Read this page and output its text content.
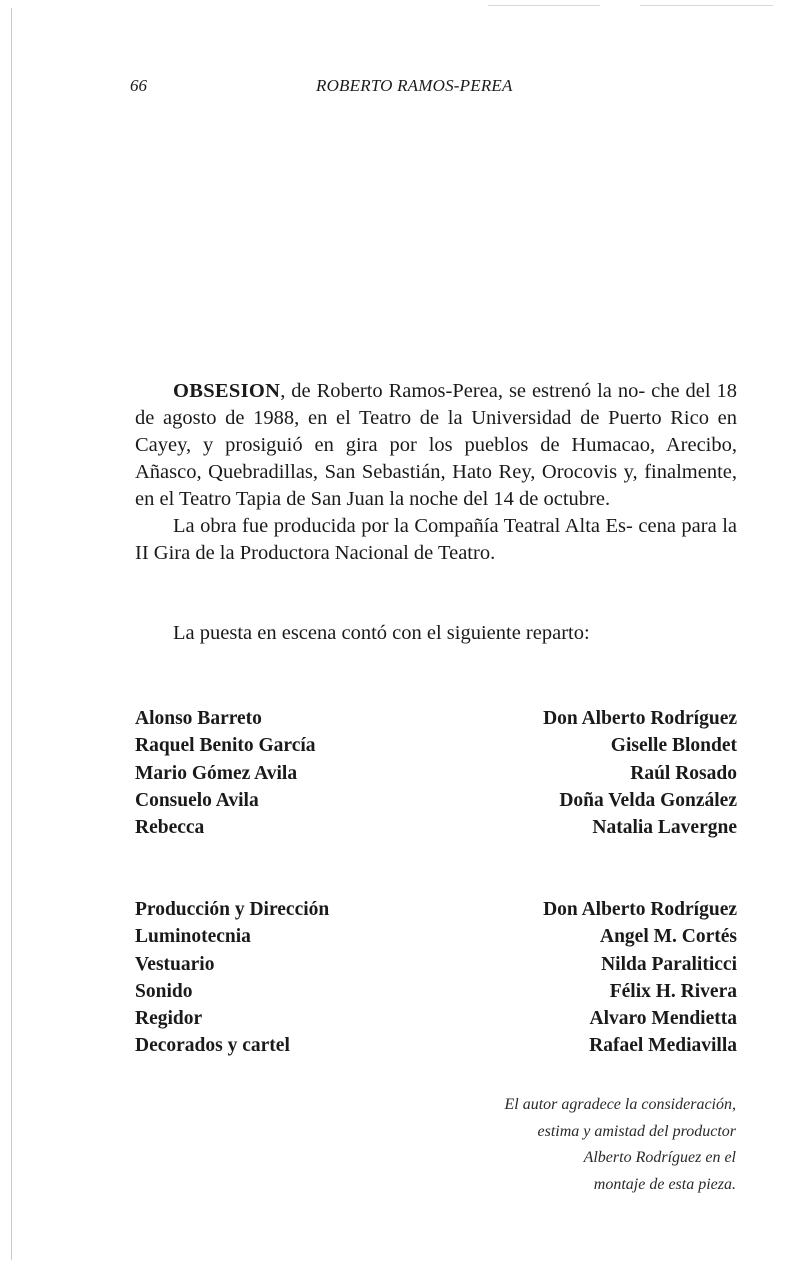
66	ROBERTO RAMOS-PEREA

OBSESION, de Roberto Ramos-Perea, se estrenó la no- che del 18 de agosto de 1988, en el Teatro de la Universidad de Puerto Rico en Cayey, y prosiguió en gira por los pueblos de Humacao, Arecibo, Añasco, Quebradillas, San Sebastián, Hato Rey, Orocovis y, finalmente, en el Teatro Tapia de San Juan la noche del 14 de octubre.

La obra fue producida por la Compañía Teatral Alta Es- cena para la II Gira de la Productora Nacional de Teatro.

La puesta en escena contó con el siguiente reparto:
Alonso Barreto	Don Alberto Rodríguez
Raquel Benito García	Giselle Blondet
Mario Gómez Avila	Raúl Rosado
Consuelo Avila	Doña Velda González
Rebecca	Natalia Lavergne
Producción y Dirección	Don Alberto Rodríguez
Luminotecnia	Angel M. Cortés
Vestuario	Nilda Paraliticci
Sonido	Félix H. Rivera
Regidor	Alvaro Mendietta
Decorados y cartel	Rafael Mediavilla
El autor agradece la consideración,
estima y amistad del productor
Alberto Rodríguez en el
montaje de esta pieza.
